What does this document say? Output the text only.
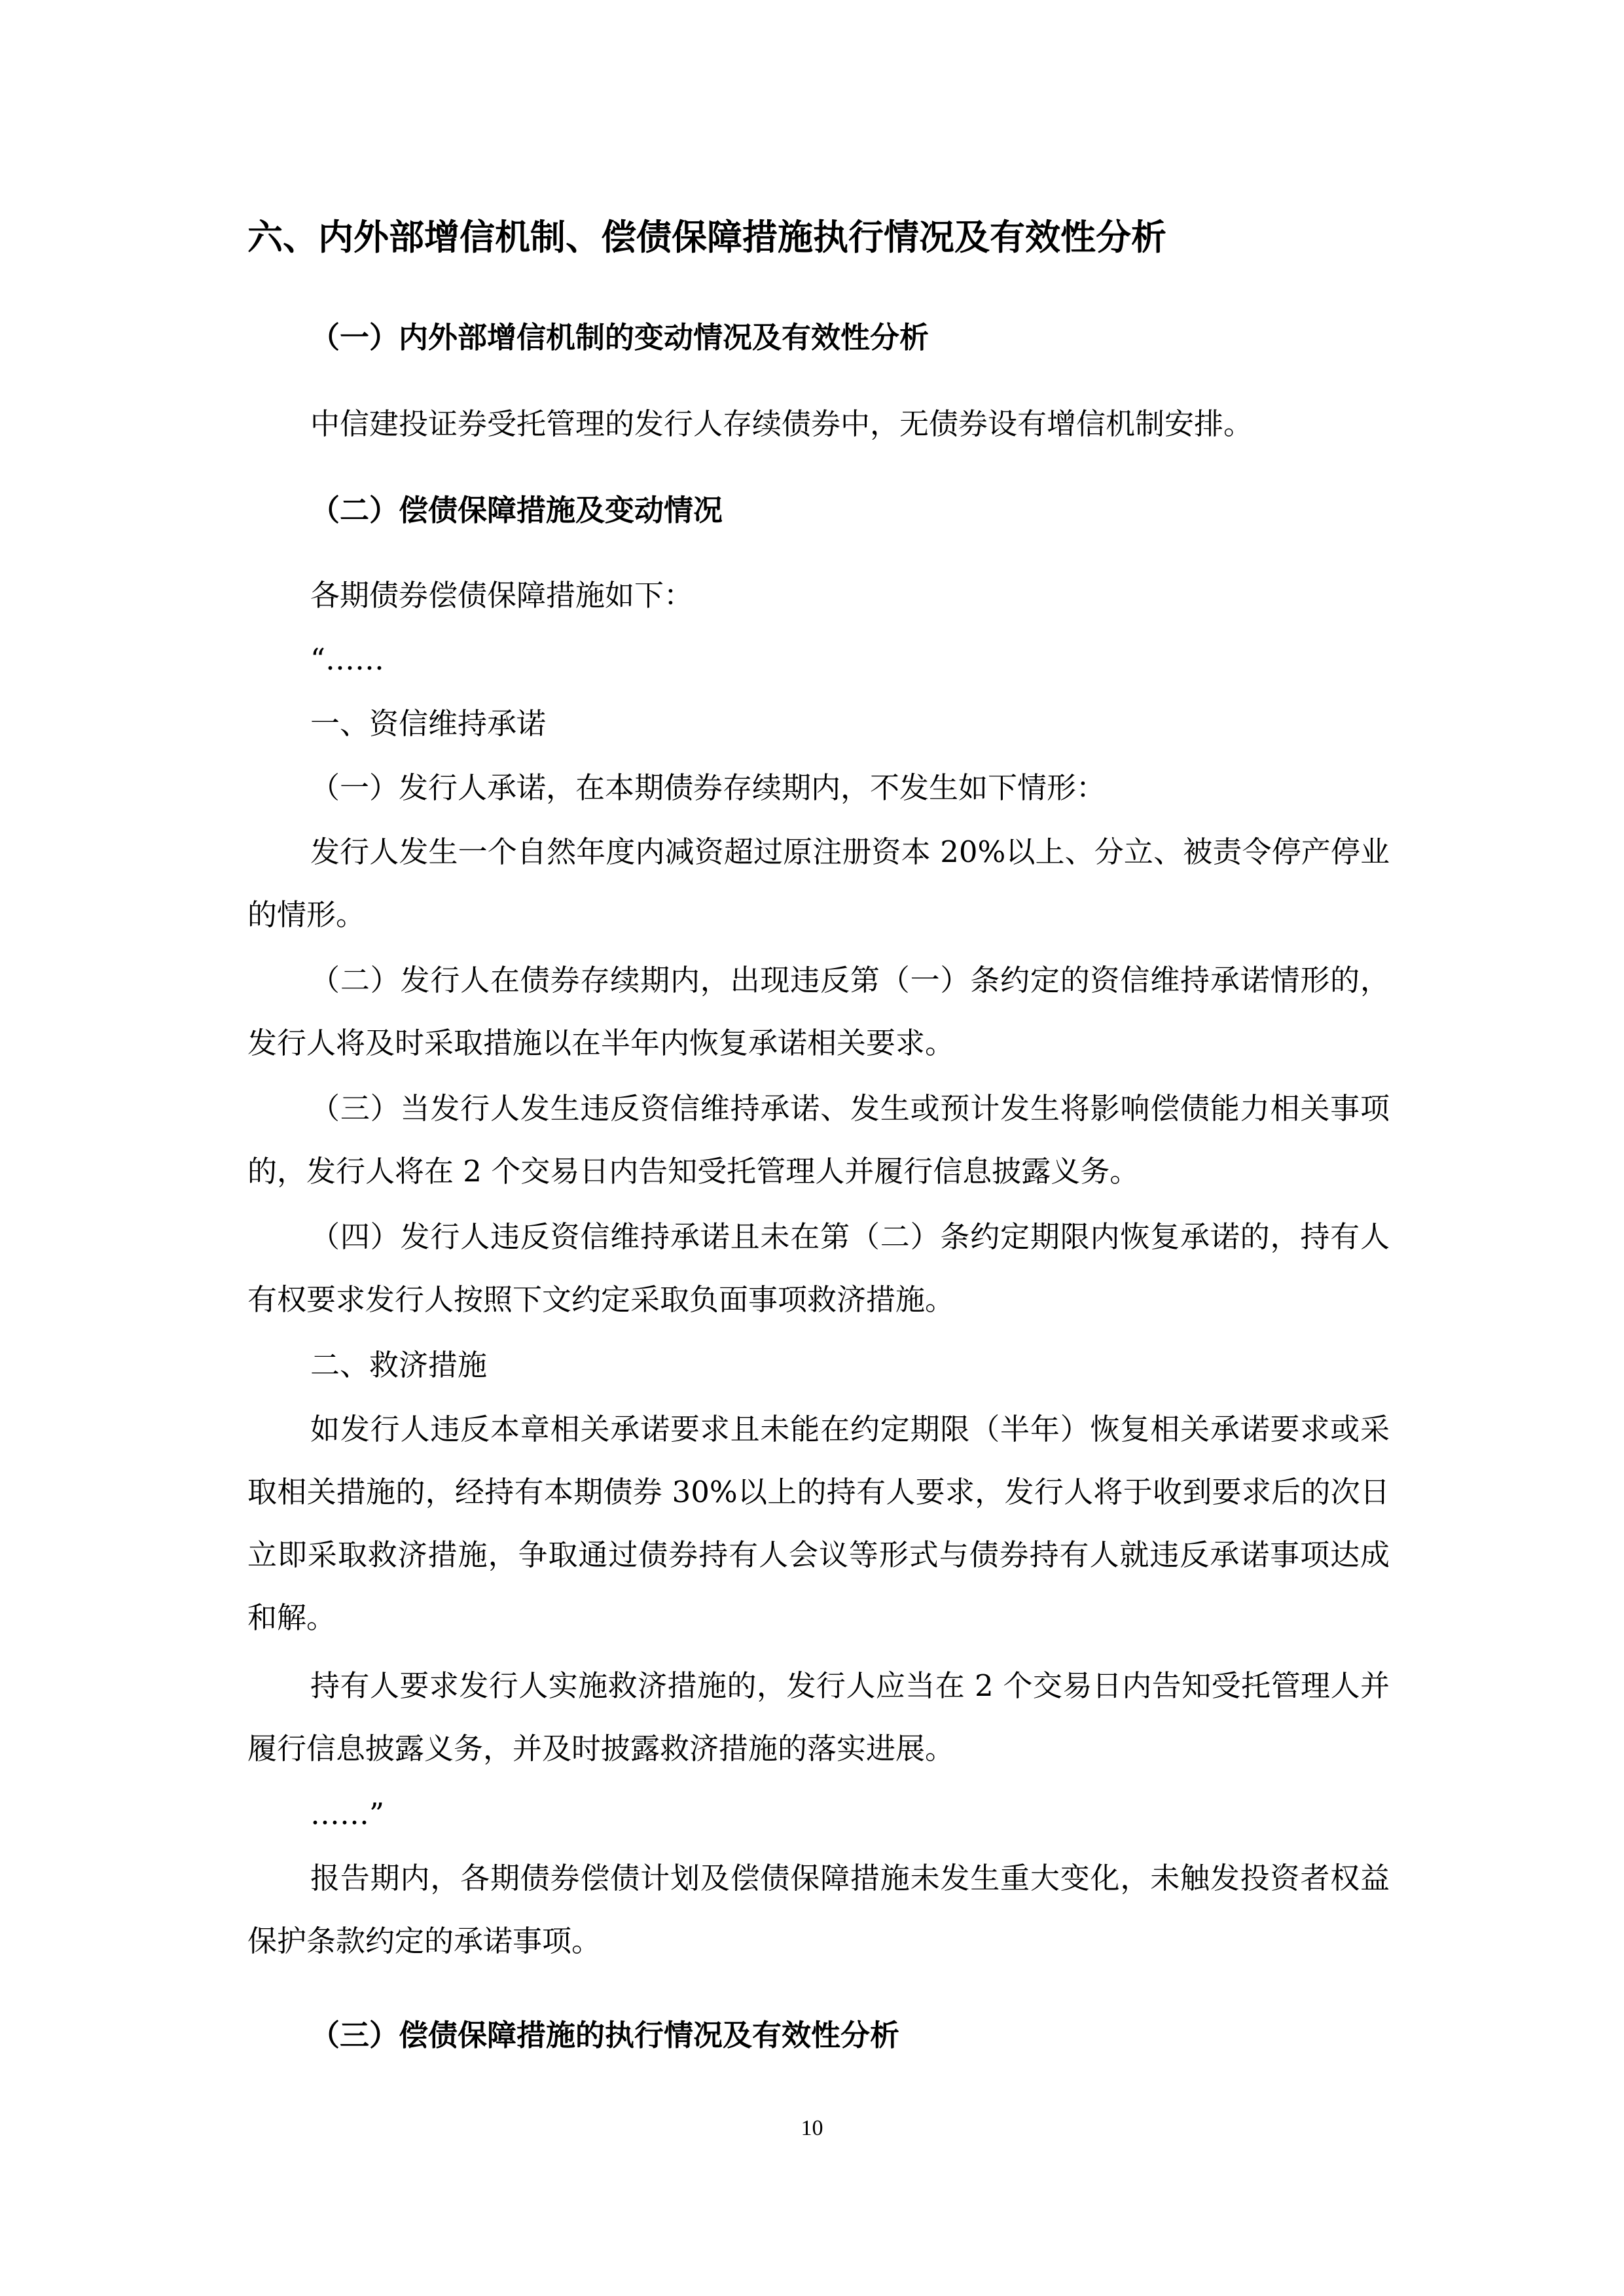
六、内外部增信机制、偿债保障措施执行情况及有效性分析
（一）内外部增信机制的变动情况及有效性分析

中信建投证券受托管理的发行人存续债券中，无债券设有增信机制安排。

（二）偿债保障措施及变动情况

各期债券偿债保障措施如下：

“……

一、资信维持承诺

（一）发行人承诺，在本期债券存续期内，不发生如下情形：

发行人发生一个自然年度内减资超过原注册资本 20%以上、分立、被责令停产停业的情形。

（二）发行人在债券存续期内，出现违反第（一）条约定的资信维持承诺情形的，发行人将及时采取措施以在半年内恢复承诺相关要求。

（三）当发行人发生违反资信维持承诺、发生或预计发生将影响偿债能力相关事项的，发行人将在 2 个交易日内告知受托管理人并履行信息披露义务。

（四）发行人违反资信维持承诺且未在第（二）条约定期限内恢复承诺的，持有人有权要求发行人按照下文约定采取负面事项救济措施。

二、救济措施

如发行人违反本章相关承诺要求且未能在约定期限（半年）恢复相关承诺要求或采取相关措施的，经持有本期债券 30%以上的持有人要求，发行人将于收到要求后的次日立即采取救济措施，争取通过债券持有人会议等形式与债券持有人就违反承诺事项达成和解。

持有人要求发行人实施救济措施的，发行人应当在 2 个交易日内告知受托管理人并履行信息披露义务，并及时披露救济措施的落实进展。

……”

报告期内，各期债券偿债计划及偿债保障措施未发生重大变化，未触发投资者权益保护条款约定的承诺事项。

（三）偿债保障措施的执行情况及有效性分析
10
